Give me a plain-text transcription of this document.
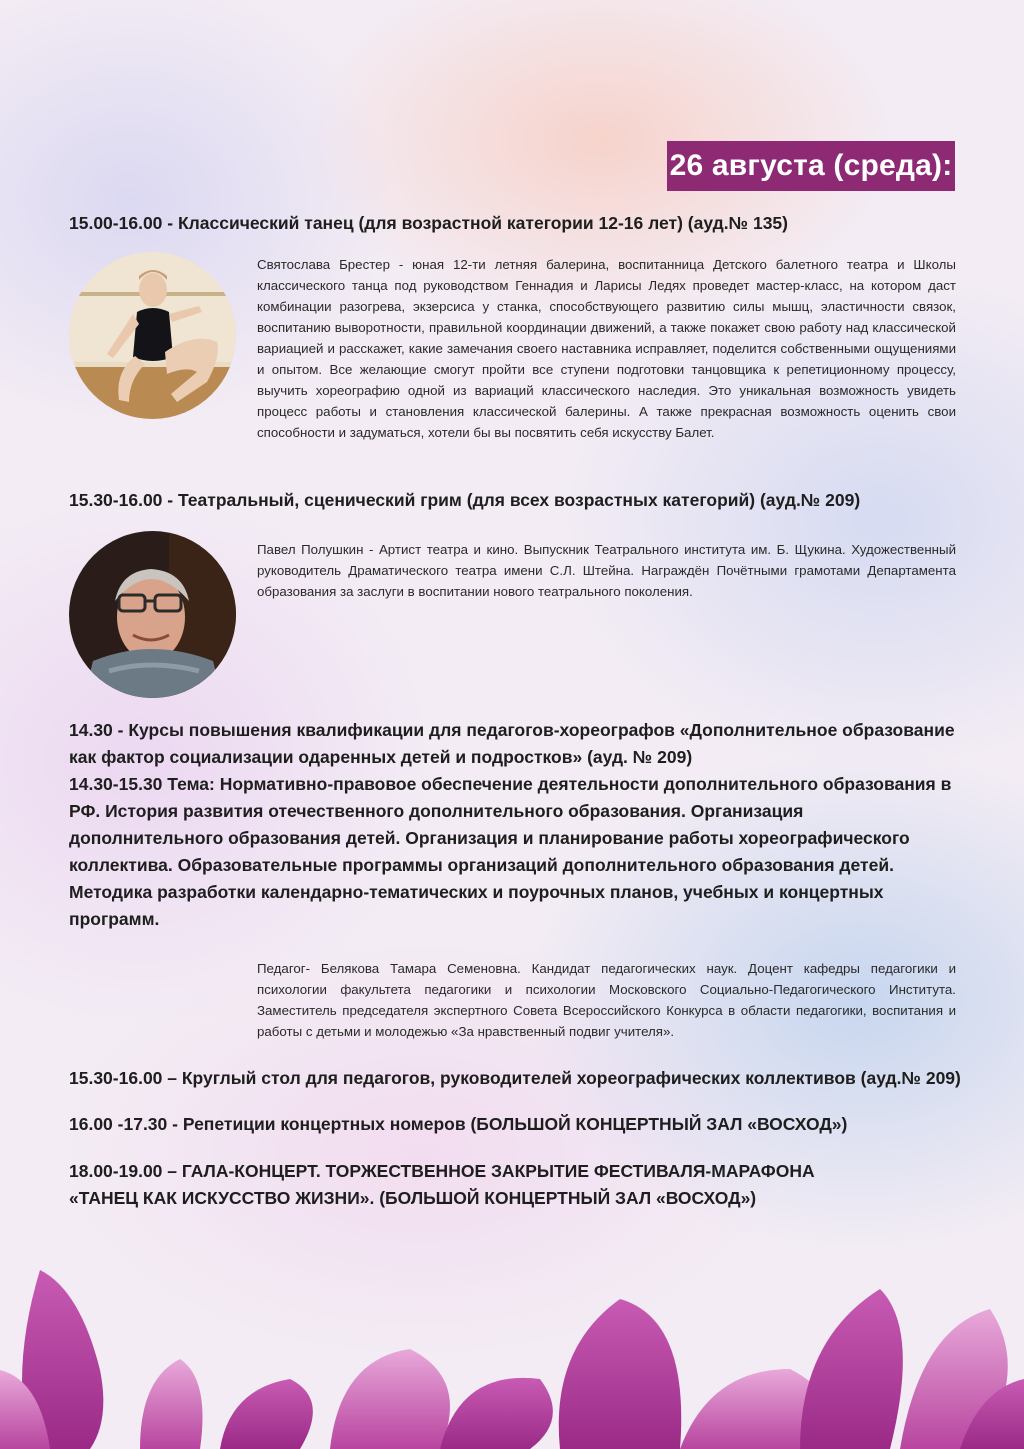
26 августа (среда):
15.00-16.00 - Классический танец (для возрастной категории 12-16 лет) (ауд.№ 135)
Святослава Брестер - юная 12-ти летняя балерина, воспитанница Детского балетного театра и Школы классического танца под руководством Геннадия и Ларисы Ледях проведет мастер-класс, на котором даст комбинации разогрева, экзерсиса у станка, способствующего развитию силы мышц, эластичности связок, воспитанию выворотности, правильной координации движений, а также покажет свою работу над классической вариацией и расскажет, какие замечания своего наставника исправляет, поделится собственными ощущениями и опытом. Все желающие смогут пройти все ступени подготовки танцовщика к репетиционному процессу, выучить хореографию одной из вариаций классического наследия. Это уникальная возможность увидеть процесс работы и становления классической балерины. А также прекрасная возможность оценить свои способности и задуматься, хотели бы вы посвятить себя искусству Балет.
15.30-16.00 - Театральный, сценический грим (для всех возрастных категорий) (ауд.№ 209)
Павел Полушкин - Артист театра и кино. Выпускник Театрального института им. Б. Щукина. Художественный руководитель Драматического театра имени С.Л. Штейна. Награждён Почётными грамотами Департамента образования за заслуги в воспитании нового театрального поколения.

14.30 - Курсы повышения квалификации для педагогов-хореографов «Дополнительное образование как фактор социализации одаренных детей и подростков» (ауд. № 209)

14.30-15.30 Тема: Нормативно-правовое обеспечение деятельности дополнительного образования в РФ. История развития отечественного дополнительного образования. Организация дополнительного образования детей. Организация и планирование работы хореографического коллектива. Образовательные программы организаций дополнительного образования детей. Методика разработки календарно-тематических и поурочных планов, учебных и концертных программ.

Педагог- Белякова Тамара Семеновна. Кандидат педагогических наук. Доцент кафедры педагогики и психологии факультета педагогики и психологии Московского Социально-Педагогического Института. Заместитель председателя экспертного Совета Всероссийского Конкурса в области педагогики, воспитания и работы с детьми и молодежью «За нравственный подвиг учителя».
15.30-16.00 – Круглый стол для педагогов, руководителей хореографических коллективов (ауд.№ 209)
16.00 -17.30 - Репетиции концертных номеров (БОЛЬШОЙ КОНЦЕРТНЫЙ ЗАЛ «ВОСХОД»)
18.00-19.00 – ГАЛА-КОНЦЕРТ. ТОРЖЕСТВЕННОЕ ЗАКРЫТИЕ ФЕСТИВАЛЯ-МАРАФОНА
«ТАНЕЦ КАК ИСКУССТВО ЖИЗНИ». (БОЛЬШОЙ КОНЦЕРТНЫЙ ЗАЛ «ВОСХОД»)
